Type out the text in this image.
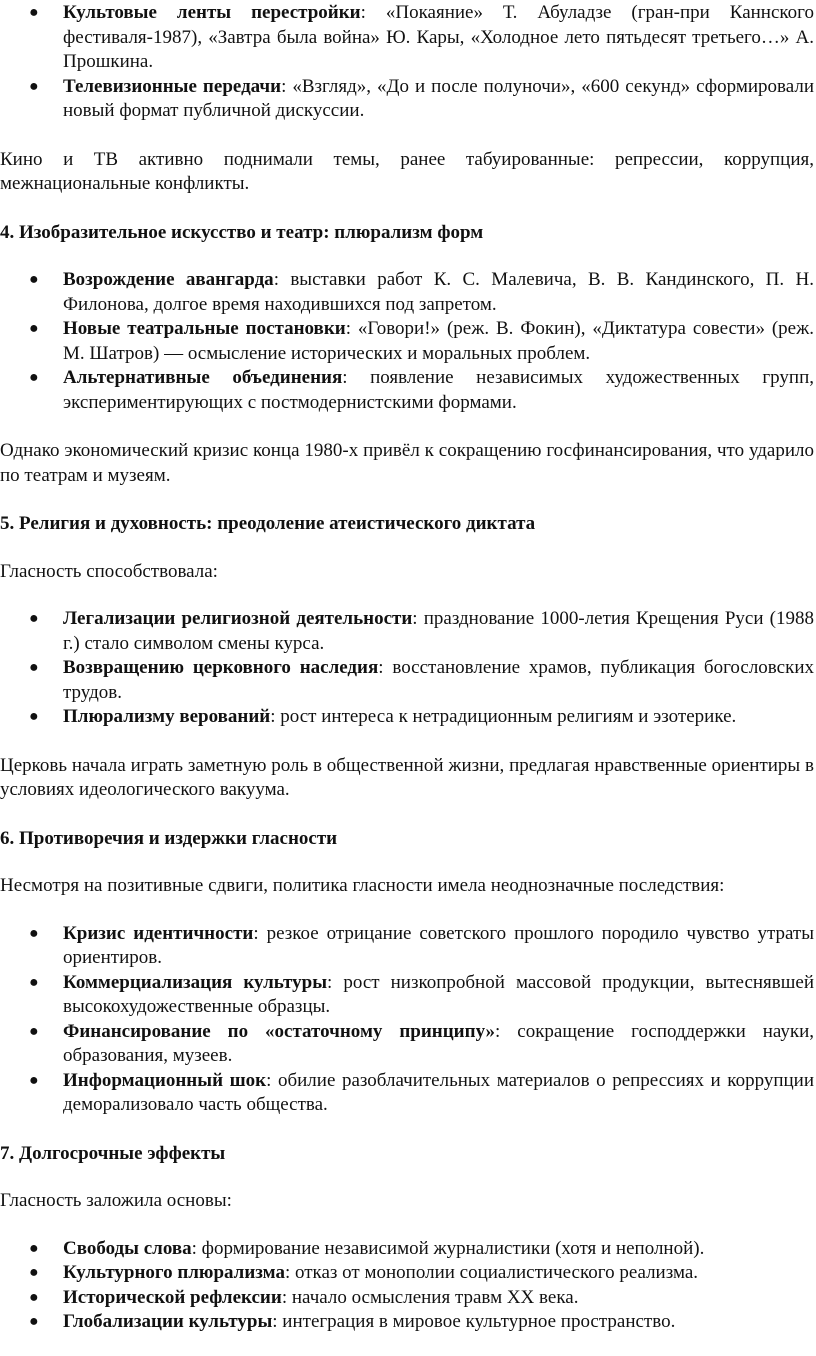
● Культовые ленты перестройки: «Покаяние» Т. Абуладзе (гран-при Каннского фестиваля-1987), «Завтра была война» Ю. Кары, «Холодное лето пятьдесят третьего…» А. Прошкина.
● Телевизионные передачи: «Взгляд», «До и после полуночи», «600 секунд» сформировали новый формат публичной дискуссии.

Кино и ТВ активно поднимали темы, ранее табуированные: репрессии, коррупция, межнациональные конфликты.

4. Изобразительное искусство и театр: плюрализм форм
● Возрождение авангарда: выставки работ К. С. Малевича, В. В. Кандинского, П. Н. Филонова, долгое время находившихся под запретом.
● Новые театральные постановки: «Говори!» (реж. В. Фокин), «Диктатура совести» (реж. М. Шатров) — осмысление исторических и моральных проблем.
● Альтернативные объединения: появление независимых художественных групп, экспериментирующих с постмодернистскими формами.

Однако экономический кризис конца 1980-х привёл к сокращению госфинансирования, что ударило по театрам и музеям.

5. Религия и духовность: преодоление атеистического диктата

Гласность способствовала:

● Легализации религиозной деятельности: празднование 1000-летия Крещения Руси (1988 г.) стало символом смены курса.
● Возвращению церковного наследия: восстановление храмов, публикация богословских трудов.
● Плюрализму верований: рост интереса к нетрадиционным религиям и эзотерике.

Церковь начала играть заметную роль в общественной жизни, предлагая нравственные ориентиры в условиях идеологического вакуума.

6. Противоречия и издержки гласности

Несмотря на позитивные сдвиги, политика гласности имела неоднозначные последствия:

● Кризис идентичности: резкое отрицание советского прошлого породило чувство утраты ориентиров.
● Коммерциализация культуры: рост низкопробной массовой продукции, вытеснявшей высокохудожественные образцы.
● Финансирование по «остаточному принципу»: сокращение господдержки науки, образования, музеев.
● Информационный шок: обилие разоблачительных материалов о репрессиях и коррупции деморализовало часть общества.
7. Долгосрочные эффекты

Гласность заложила основы:

● Свободы слова: формирование независимой журналистики (хотя и неполной).
● Культурного плюрализма: отказ от монополии социалистического реализма.
● Исторической рефлексии: начало осмысления травм XX века.
● Глобализации культуры: интеграция в мировое культурное пространство.
